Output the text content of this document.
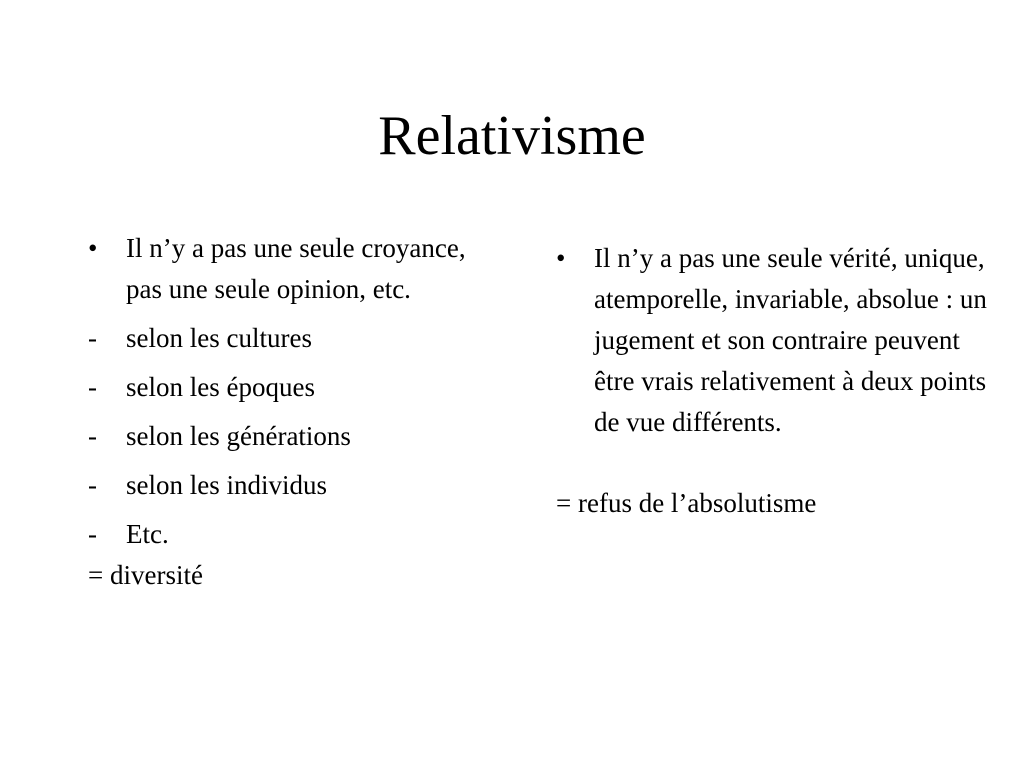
Relativisme
•	Il n’y a pas une seule croyance, pas une seule opinion, etc.
-	selon les cultures
-	selon les époques
-	selon les générations
-	selon les individus
-	Etc.

= diversité

•	Il n’y a pas une seule vérité, unique, atemporelle, invariable, absolue : un jugement et son contraire peuvent être vrais relativement à deux points de vue différents.

= refus de l’absolutisme
